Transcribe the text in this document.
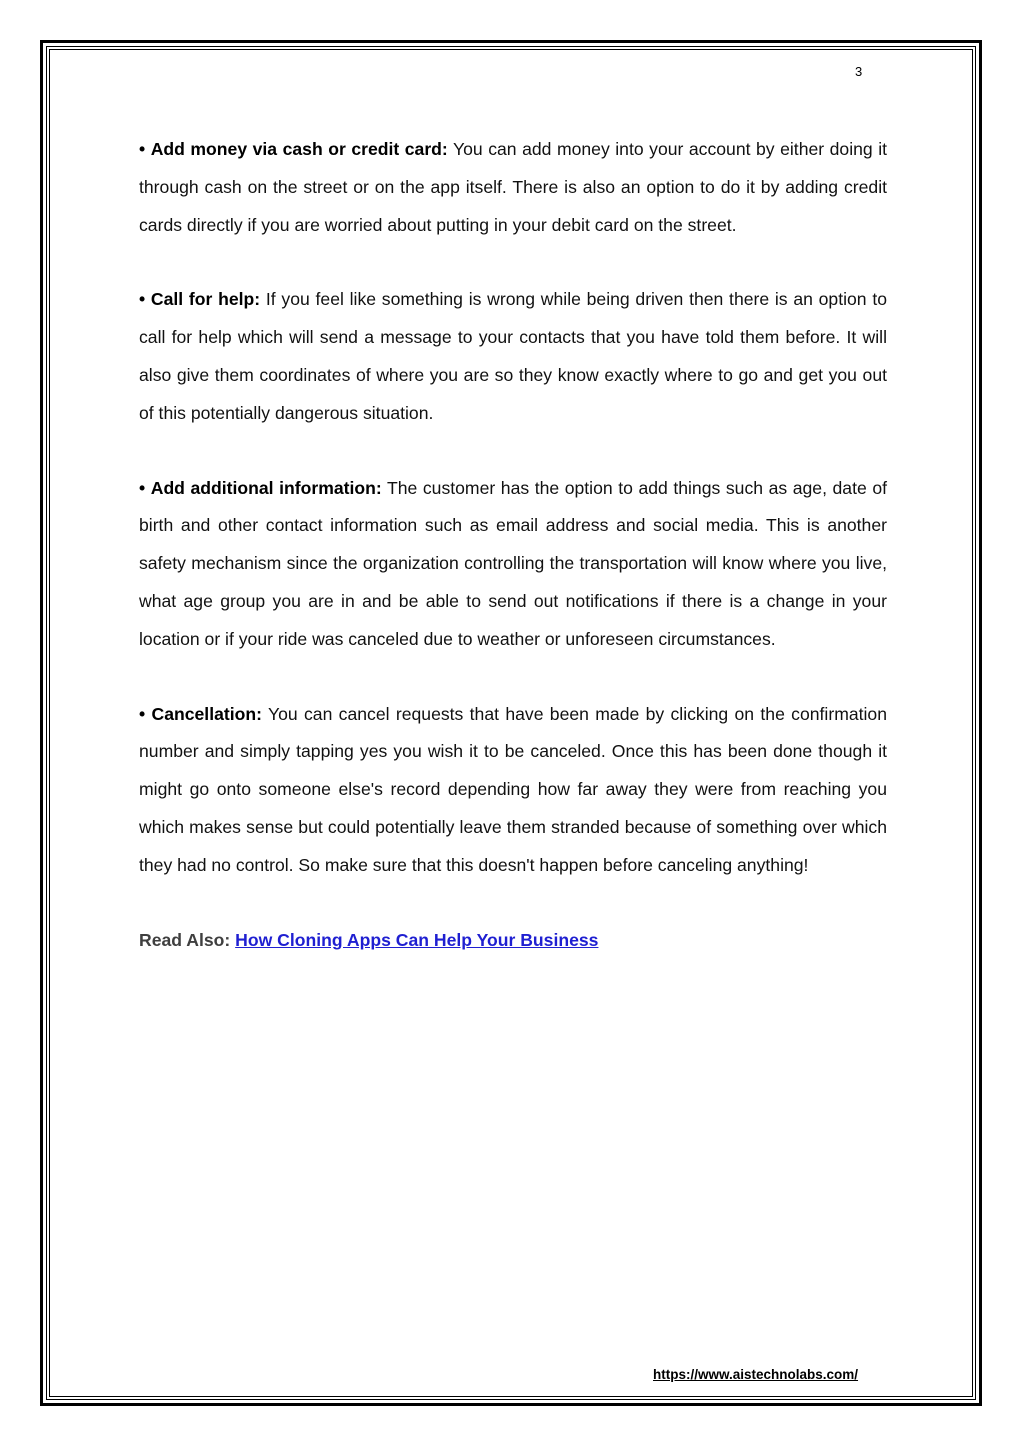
3

• Add money via cash or credit card: You can add money into your account by either doing it through cash on the street or on the app itself. There is also an option to do it by adding credit cards directly if you are worried about putting in your debit card on the street.

• Call for help: If you feel like something is wrong while being driven then there is an option to call for help which will send a message to your contacts that you have told them before. It will also give them coordinates of where you are so they know exactly where to go and get you out of this potentially dangerous situation.

• Add additional information: The customer has the option to add things such as age, date of birth and other contact information such as email address and social media. This is another safety mechanism since the organization controlling the transportation will know where you live, what age group you are in and be able to send out notifications if there is a change in your location or if your ride was canceled due to weather or unforeseen circumstances.

• Cancellation: You can cancel requests that have been made by clicking on the confirmation number and simply tapping yes you wish it to be canceled. Once this has been done though it might go onto someone else's record depending how far away they were from reaching you which makes sense but could potentially leave them stranded because of something over which they had no control. So make sure that this doesn't happen before canceling anything!

Read Also: How Cloning Apps Can Help Your Business

https://www.aistechnolabs.com/
